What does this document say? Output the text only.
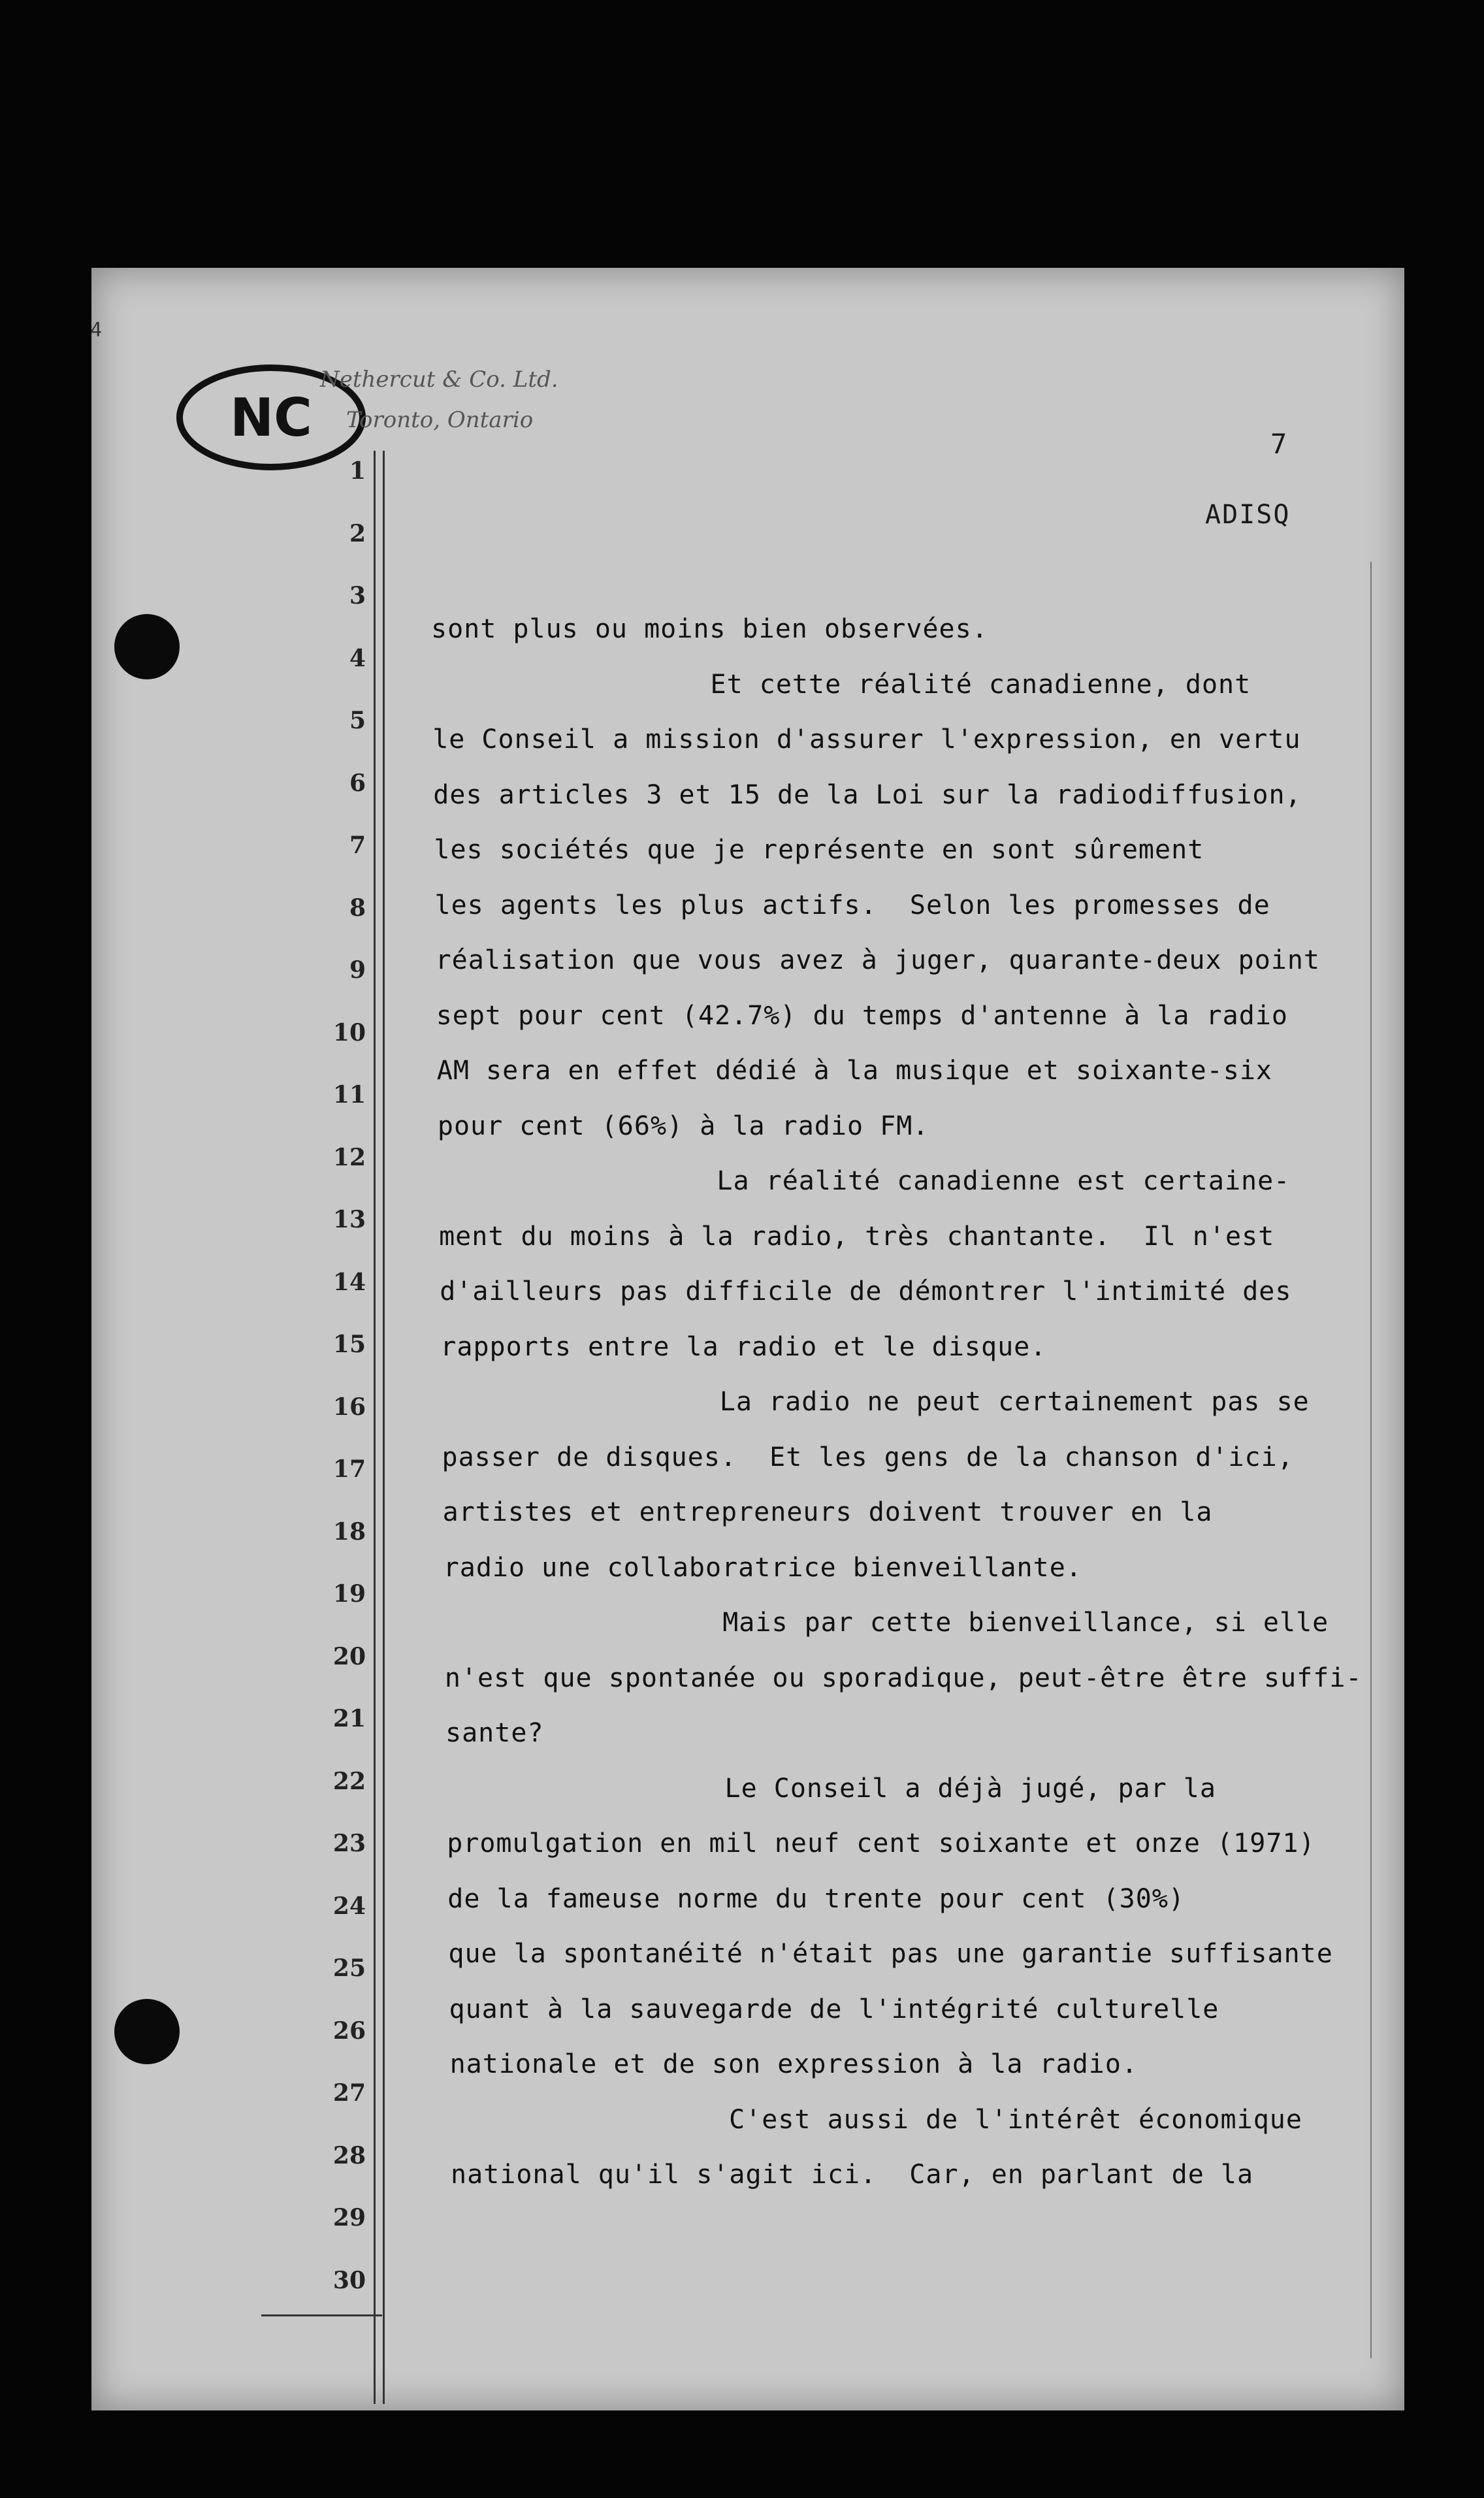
NC
Nethercut & Co. Ltd.
Toronto, Ontario
7
ADISQ
1
2
3
4
5
6
7
8
9
10
11
12
13
14
15
16
17
18
19
20
21
22
23
24
25
26
27
28
29
30
sont plus ou moins bien observées.
Et cette réalité canadienne, dont
le Conseil a mission d'assurer l'expression, en vertu
des articles 3 et 15 de la Loi sur la radiodiffusion,
les sociétés que je représente en sont sûrement
les agents les plus actifs.  Selon les promesses de
réalisation que vous avez à juger, quarante-deux point
sept pour cent (42.7%) du temps d'antenne à la radio
AM sera en effet dédié à la musique et soixante-six
pour cent (66%) à la radio FM.
La réalité canadienne est certaine-
ment du moins à la radio, très chantante.  Il n'est
d'ailleurs pas difficile de démontrer l'intimité des
rapports entre la radio et le disque.
La radio ne peut certainement pas se
passer de disques.  Et les gens de la chanson d'ici,
artistes et entrepreneurs doivent trouver en la
radio une collaboratrice bienveillante.
Mais par cette bienveillance, si elle
n'est que spontanée ou sporadique, peut-être être suffi-
sante?
Le Conseil a déjà jugé, par la
promulgation en mil neuf cent soixante et onze (1971)
de la fameuse norme du trente pour cent (30%)
que la spontanéité n'était pas une garantie suffisante
quant à la sauvegarde de l'intégrité culturelle
nationale et de son expression à la radio.
C'est aussi de l'intérêt économique
national qu'il s'agit ici.  Car, en parlant de la
4
